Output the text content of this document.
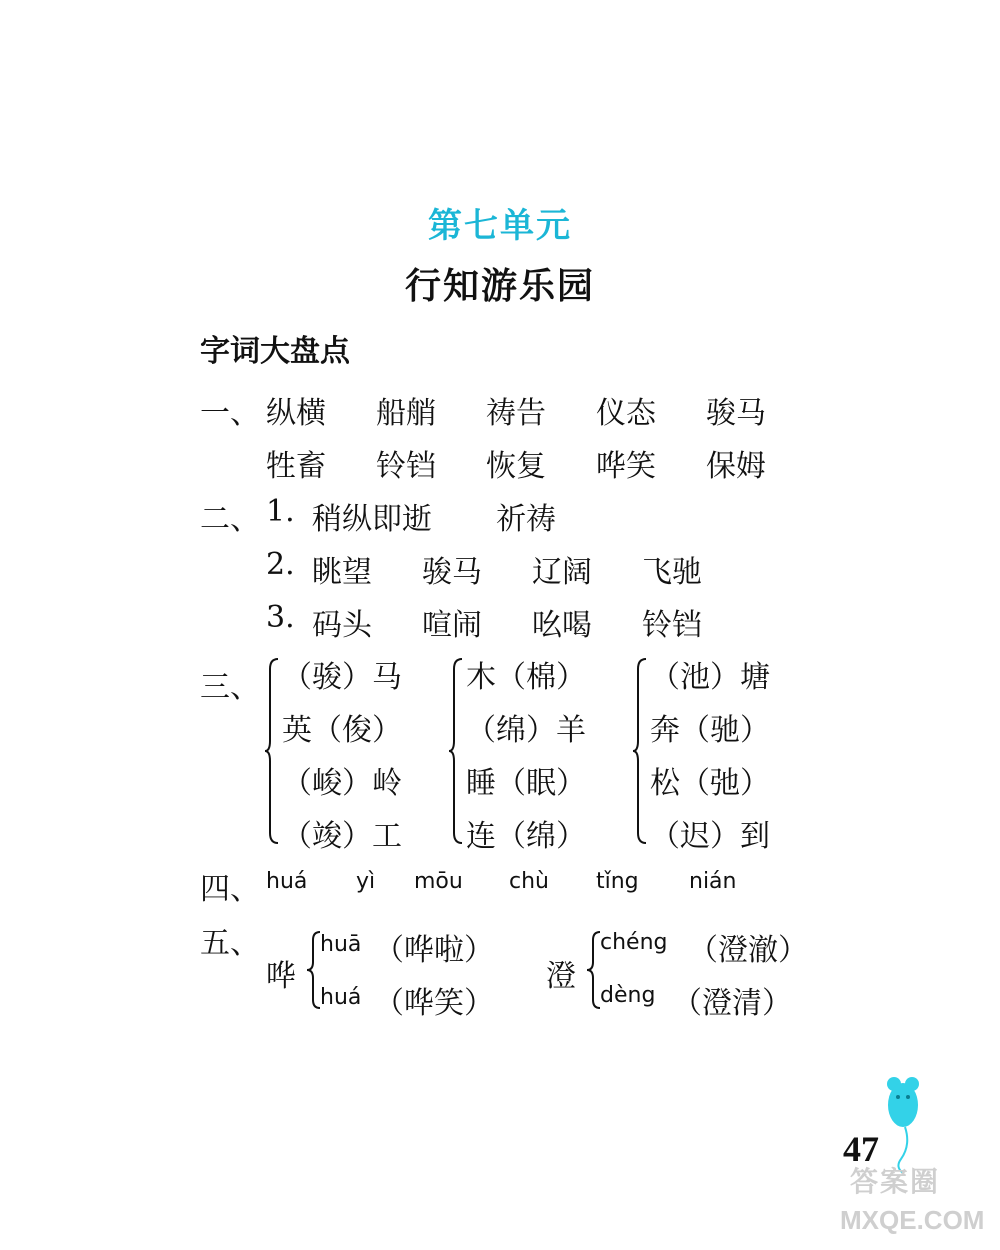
第七单元
行知游乐园
字词大盘点
一、 纵横 船艄 祷告 仪态 骏马
牲畜 铃铛 恢复 哗笑 保姆
二、 1. 稍纵即逝 祈祷
2. 眺望 骏马 辽阔 飞驰
3. 码头 喧闹 吆喝 铃铛
三、 （骏）马
英（俊）
（峻）岭
（竣）工
木（棉）
（绵）羊
睡（眠）
连（绵）
（池）塘
奔（驰）
松（弛）
（迟）到
四、 huá yì mōu chù tǐng nián
五、
哗
huā （哗啦）
huá （哗笑）
澄
chéng （澄澈）
dèng （澄清）
47
答案圈
MXQE.COM
